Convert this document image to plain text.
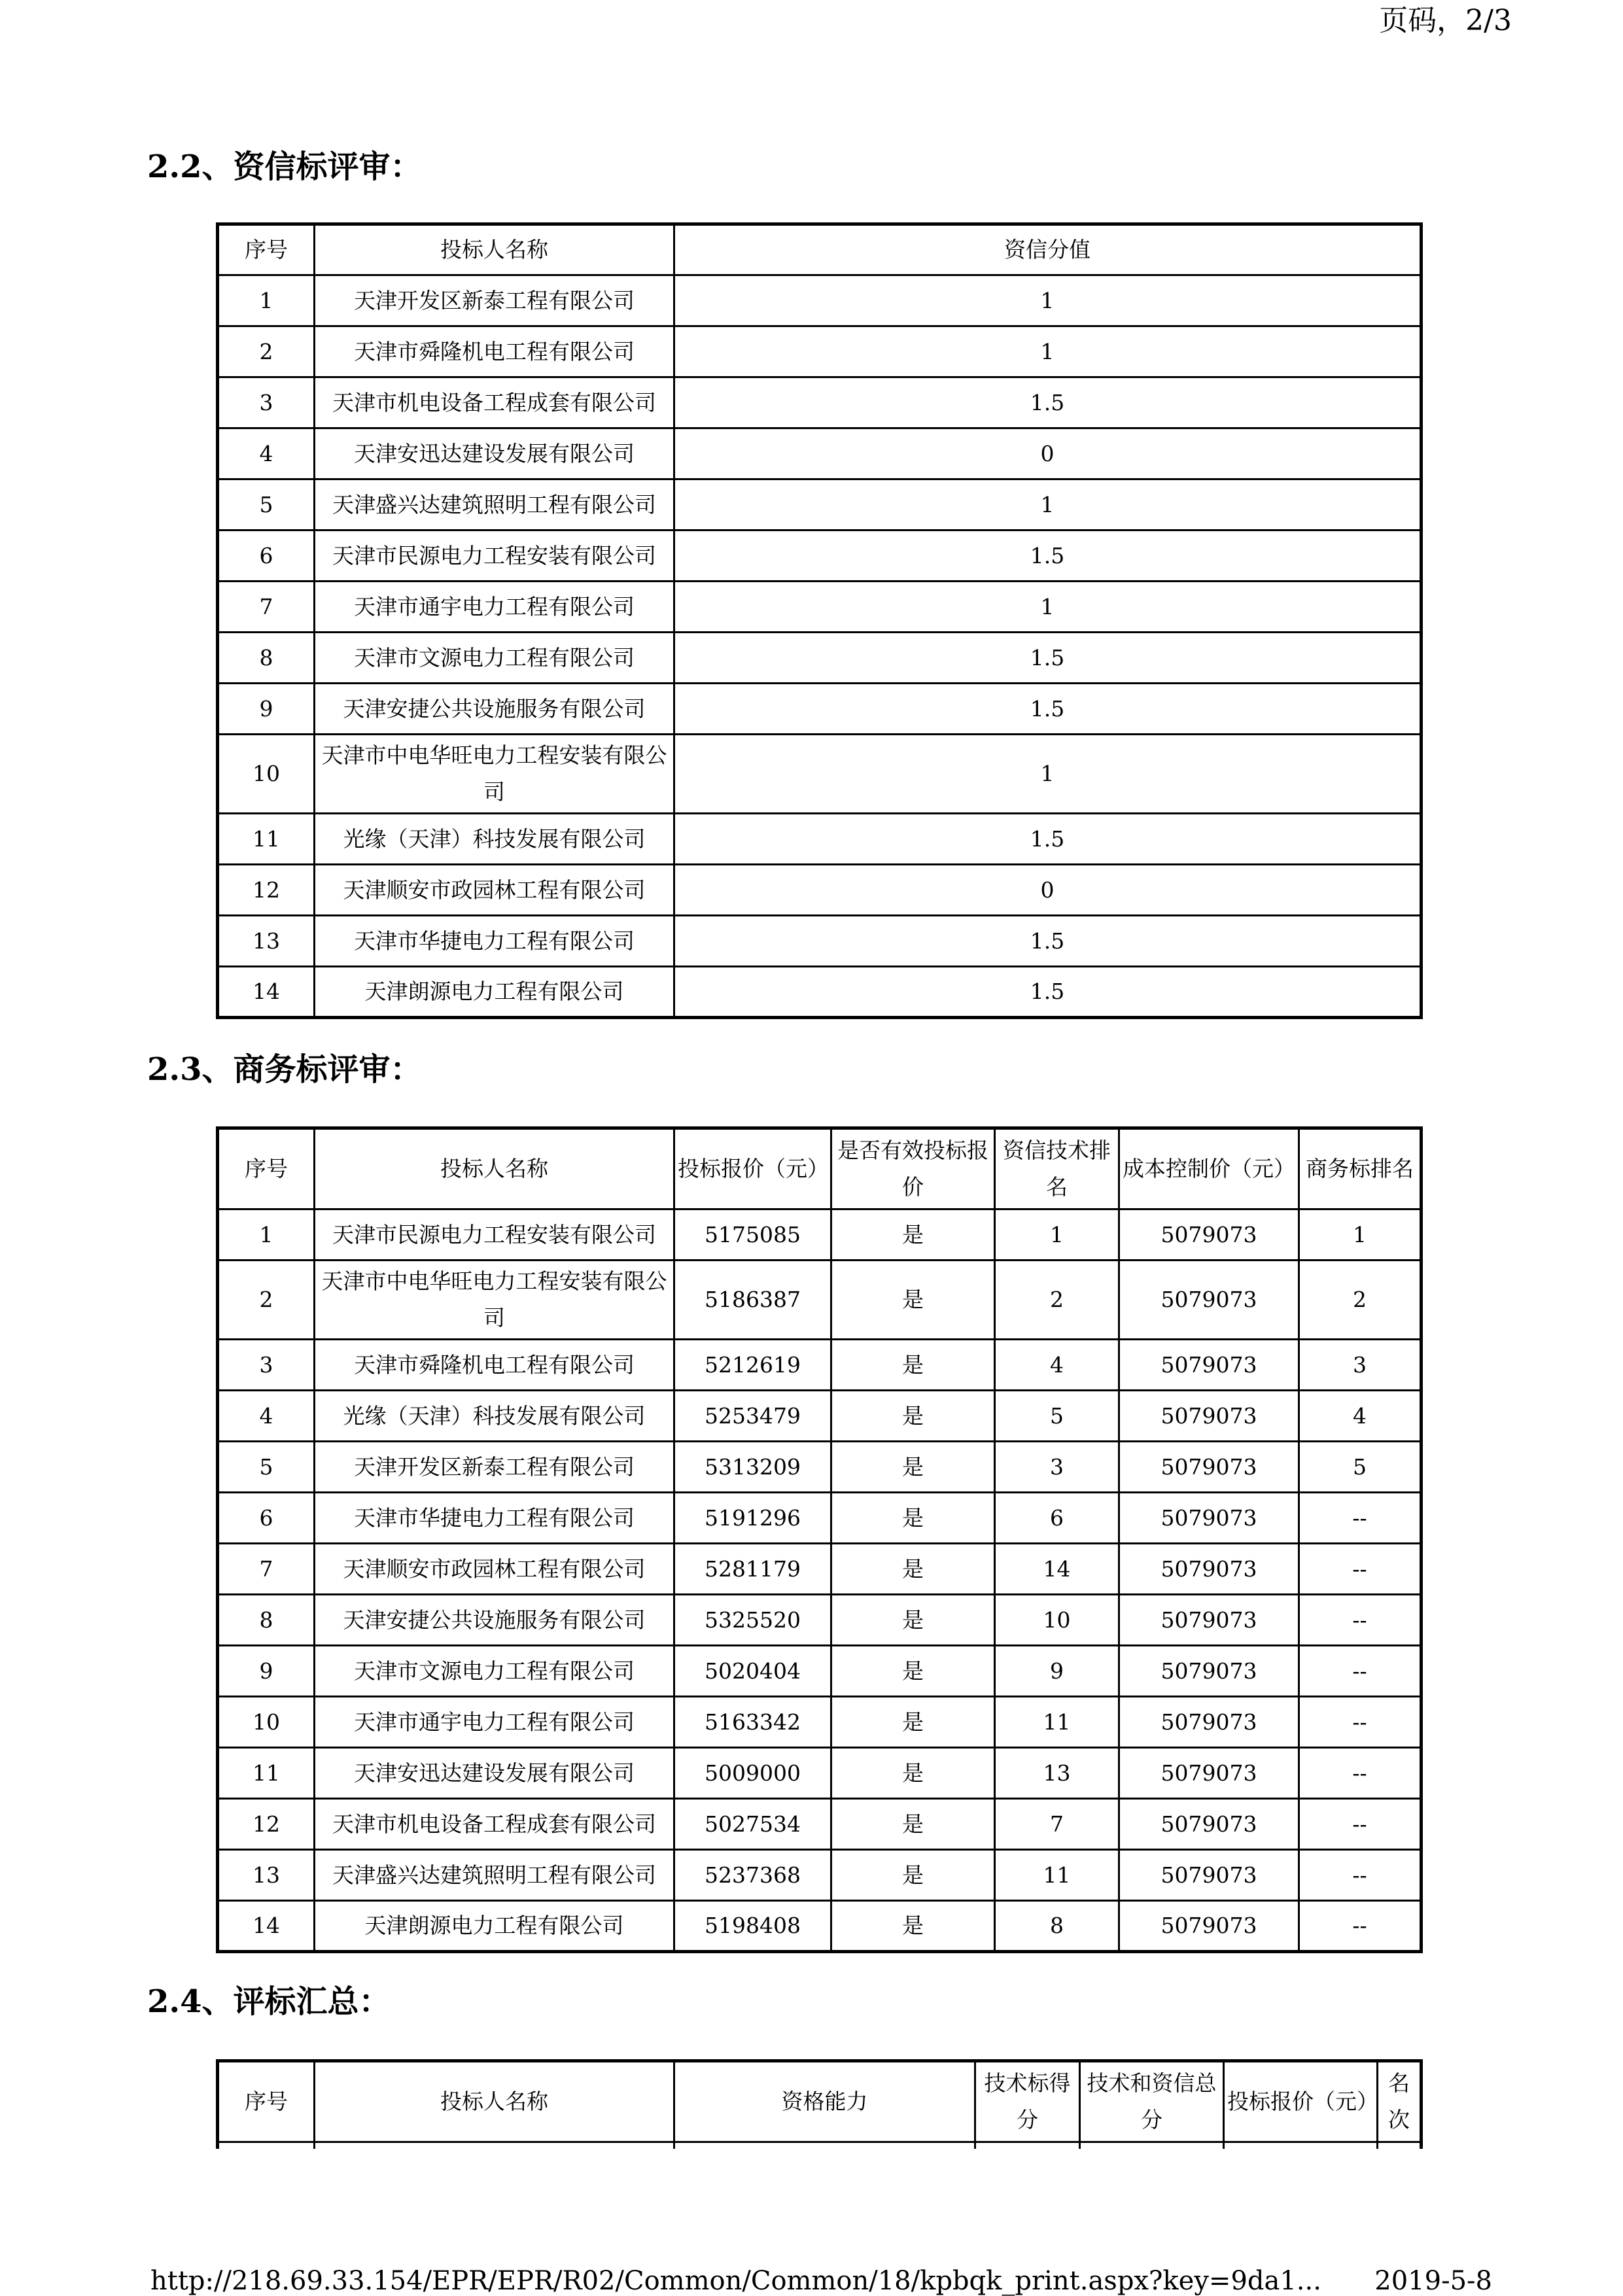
页码，2/3
2.2、资信标评审：
序号	投标人名称	资信分值
1	天津开发区新泰工程有限公司	1
2	天津市舜隆机电工程有限公司	1
3	天津市机电设备工程成套有限公司	1.5
4	天津安迅达建设发展有限公司	0
5	天津盛兴达建筑照明工程有限公司	1
6	天津市民源电力工程安装有限公司	1.5
7	天津市通宇电力工程有限公司	1
8	天津市文源电力工程有限公司	1.5
9	天津安捷公共设施服务有限公司	1.5
10	天津市中电华旺电力工程安装有限公司	1
11	光缘（天津）科技发展有限公司	1.5
12	天津顺安市政园林工程有限公司	0
13	天津市华捷电力工程有限公司	1.5
14	天津朗源电力工程有限公司	1.5
2.3、商务标评审：
序号	投标人名称	投标报价（元）	是否有效投标报价	资信技术排名	成本控制价（元）	商务标排名
1	天津市民源电力工程安装有限公司	5175085	是	1	5079073	1
2	天津市中电华旺电力工程安装有限公司	5186387	是	2	5079073	2
3	天津市舜隆机电工程有限公司	5212619	是	4	5079073	3
4	光缘（天津）科技发展有限公司	5253479	是	5	5079073	4
5	天津开发区新泰工程有限公司	5313209	是	3	5079073	5
6	天津市华捷电力工程有限公司	5191296	是	6	5079073	--
7	天津顺安市政园林工程有限公司	5281179	是	14	5079073	--
8	天津安捷公共设施服务有限公司	5325520	是	10	5079073	--
9	天津市文源电力工程有限公司	5020404	是	9	5079073	--
10	天津市通宇电力工程有限公司	5163342	是	11	5079073	--
11	天津安迅达建设发展有限公司	5009000	是	13	5079073	--
12	天津市机电设备工程成套有限公司	5027534	是	7	5079073	--
13	天津盛兴达建筑照明工程有限公司	5237368	是	11	5079073	--
14	天津朗源电力工程有限公司	5198408	是	8	5079073	--
2.4、评标汇总：
序号	投标人名称	资格能力	技术标得分	技术和资信总分	投标报价（元）	名次

http://218.69.33.154/EPR/EPR/R02/Common/Common/18/kpbqk_print.aspx?key=9da1... 2019-5-8
